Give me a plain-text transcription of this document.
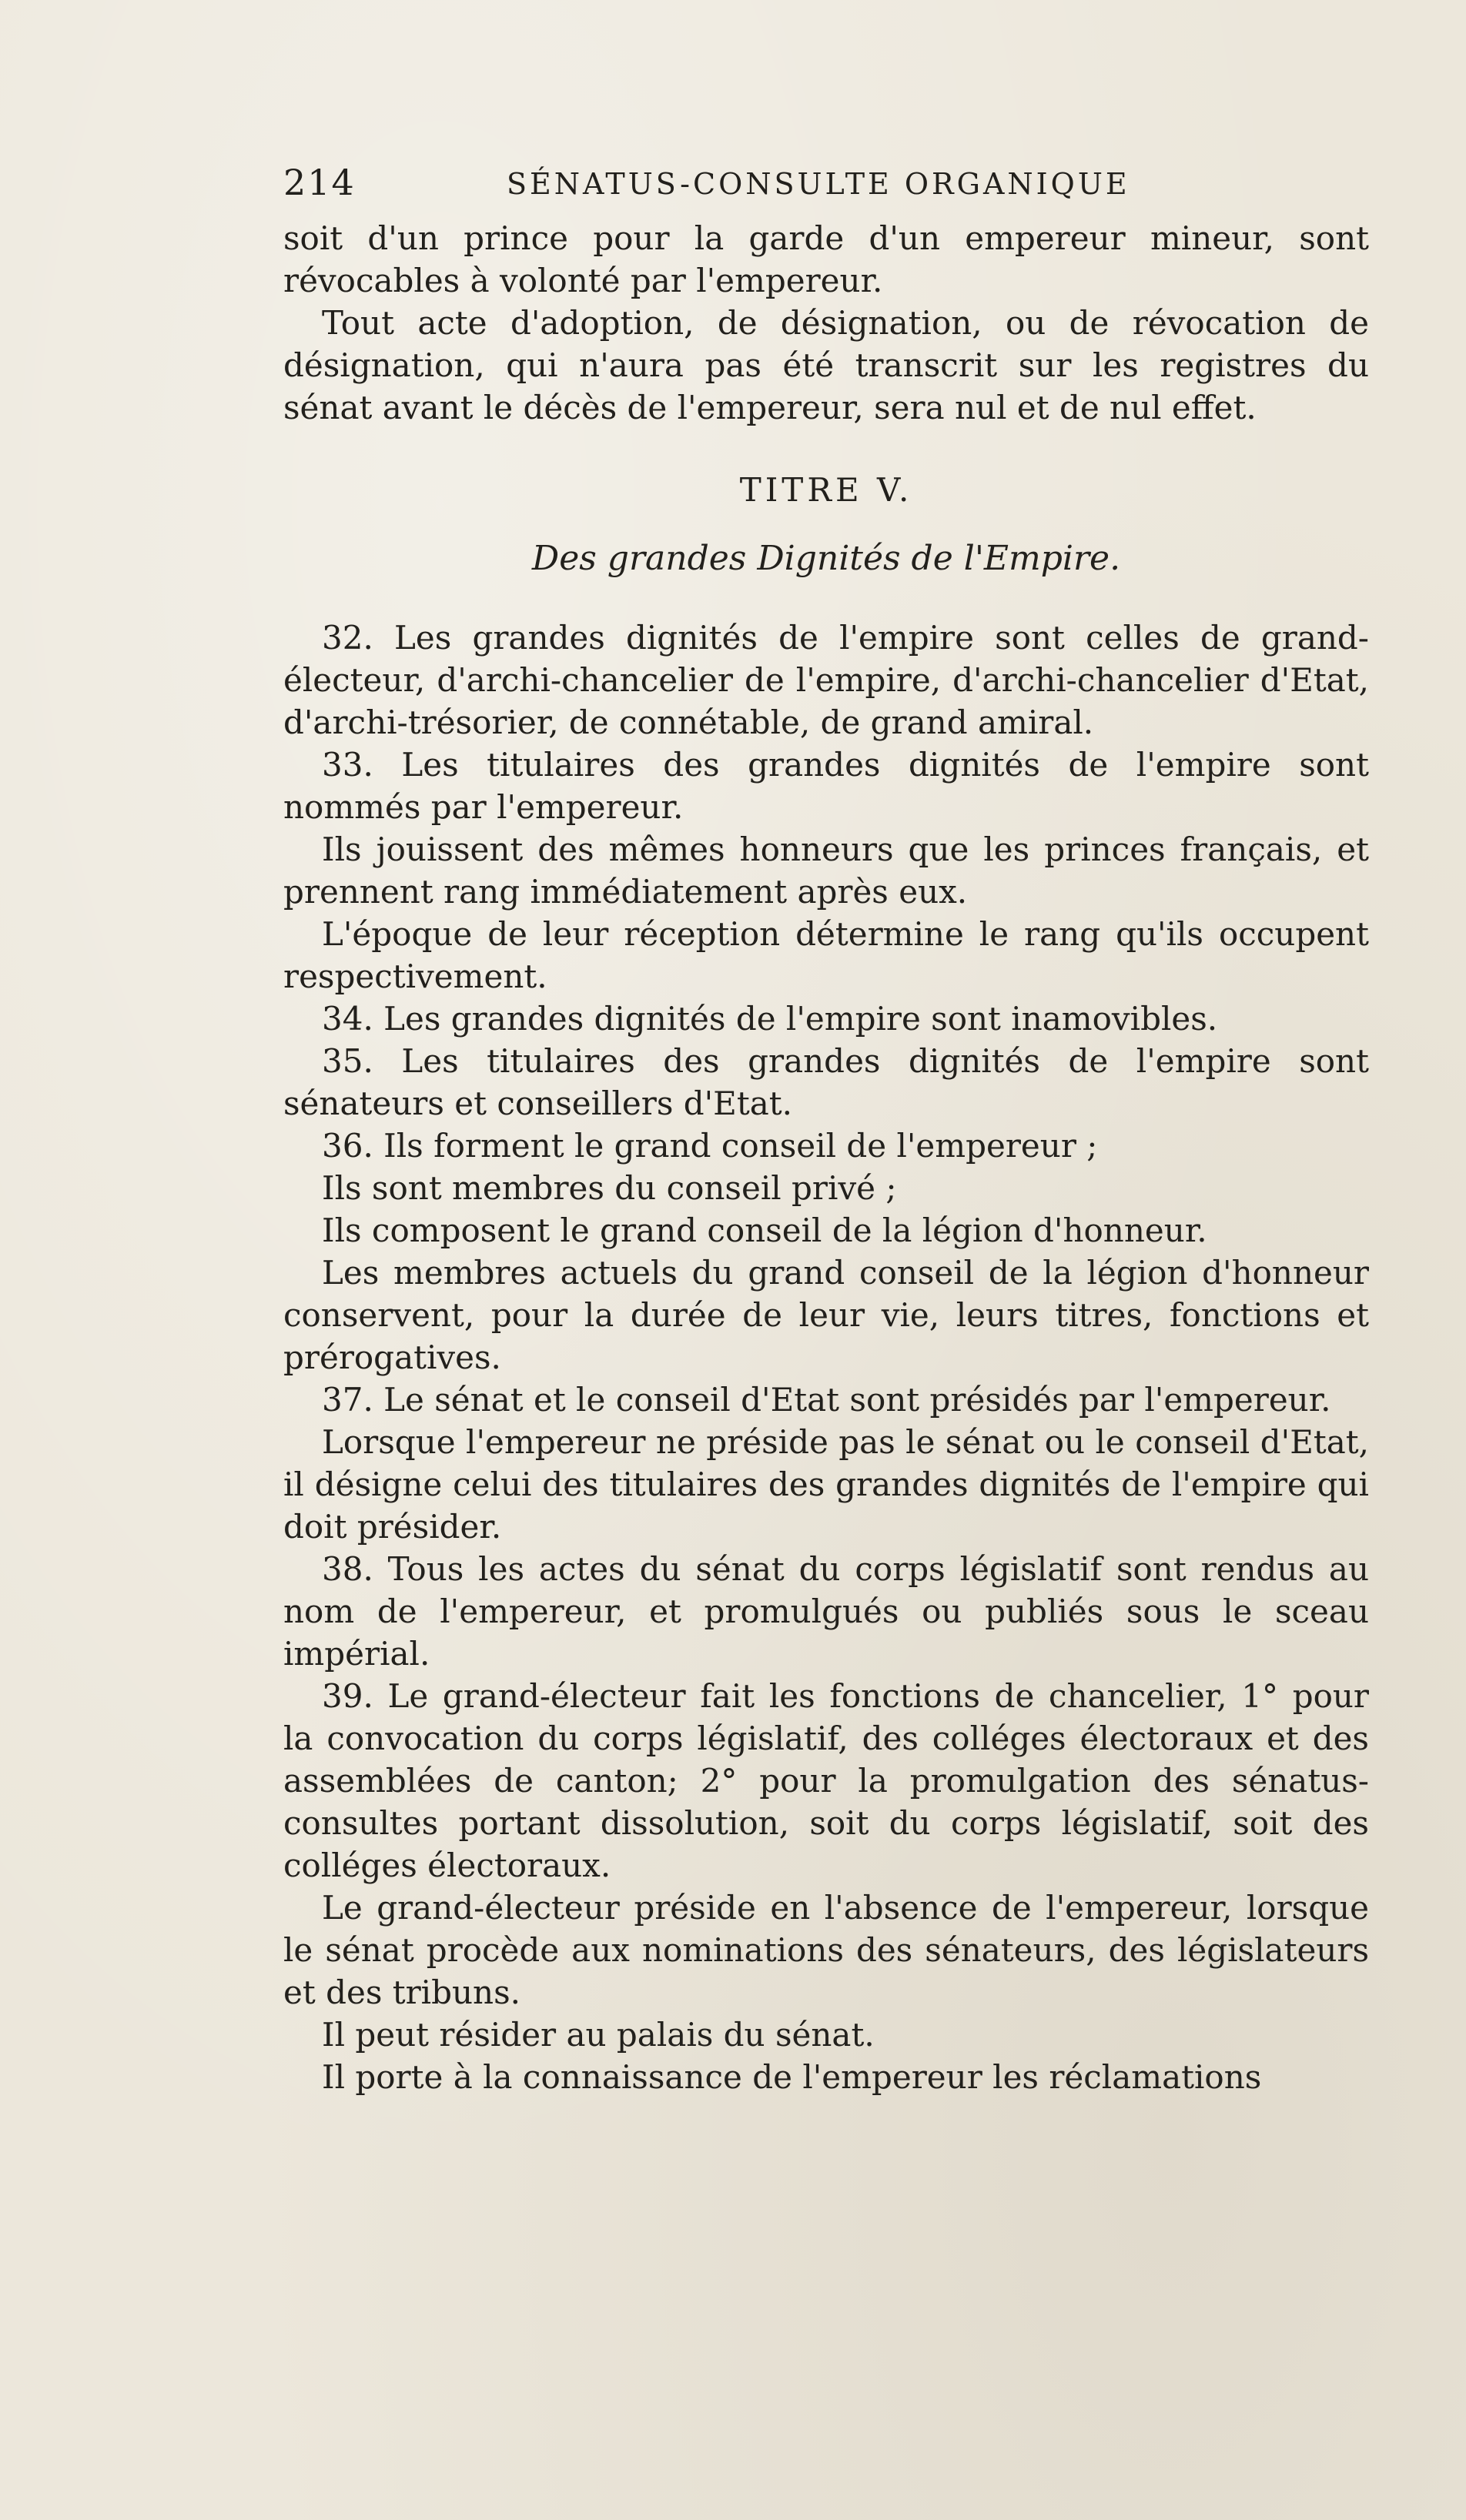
214	SÉNATUS-CONSULTE ORGANIQUE

soit d'un prince pour la garde d'un empereur mineur, sont révocables à volonté par l'empereur.

Tout acte d'adoption, de désignation, ou de révocation de désignation, qui n'aura pas été transcrit sur les registres du sénat avant le décès de l'empereur, sera nul et de nul effet.

TITRE V.
Des grandes Dignités de l'Empire.

32. Les grandes dignités de l'empire sont celles de grand-électeur, d'archi-chancelier de l'empire, d'archi-chancelier d'Etat, d'archi-trésorier, de connétable, de grand amiral.

33. Les titulaires des grandes dignités de l'empire sont nommés par l'empereur.

Ils jouissent des mêmes honneurs que les princes français, et prennent rang immédiatement après eux.

L'époque de leur réception détermine le rang qu'ils occupent respectivement.

34. Les grandes dignités de l'empire sont inamovibles.

35. Les titulaires des grandes dignités de l'empire sont sénateurs et conseillers d'Etat.

36. Ils forment le grand conseil de l'empereur ;

Ils sont membres du conseil privé ;

Ils composent le grand conseil de la légion d'honneur.

Les membres actuels du grand conseil de la légion d'honneur conservent, pour la durée de leur vie, leurs titres, fonctions et prérogatives.

37. Le sénat et le conseil d'Etat sont présidés par l'empereur.

Lorsque l'empereur ne préside pas le sénat ou le conseil d'Etat, il désigne celui des titulaires des grandes dignités de l'empire qui doit présider.

38. Tous les actes du sénat du corps législatif sont rendus au nom de l'empereur, et promulgués ou publiés sous le sceau impérial.

39. Le grand-électeur fait les fonctions de chancelier, 1° pour la convocation du corps législatif, des colléges électoraux et des assemblées de canton; 2° pour la promulgation des sénatus-consultes portant dissolution, soit du corps législatif, soit des colléges électoraux.

Le grand-électeur préside en l'absence de l'empereur, lorsque le sénat procède aux nominations des sénateurs, des législateurs et des tribuns.

Il peut résider au palais du sénat.

Il porte à la connaissance de l'empereur les réclamations
